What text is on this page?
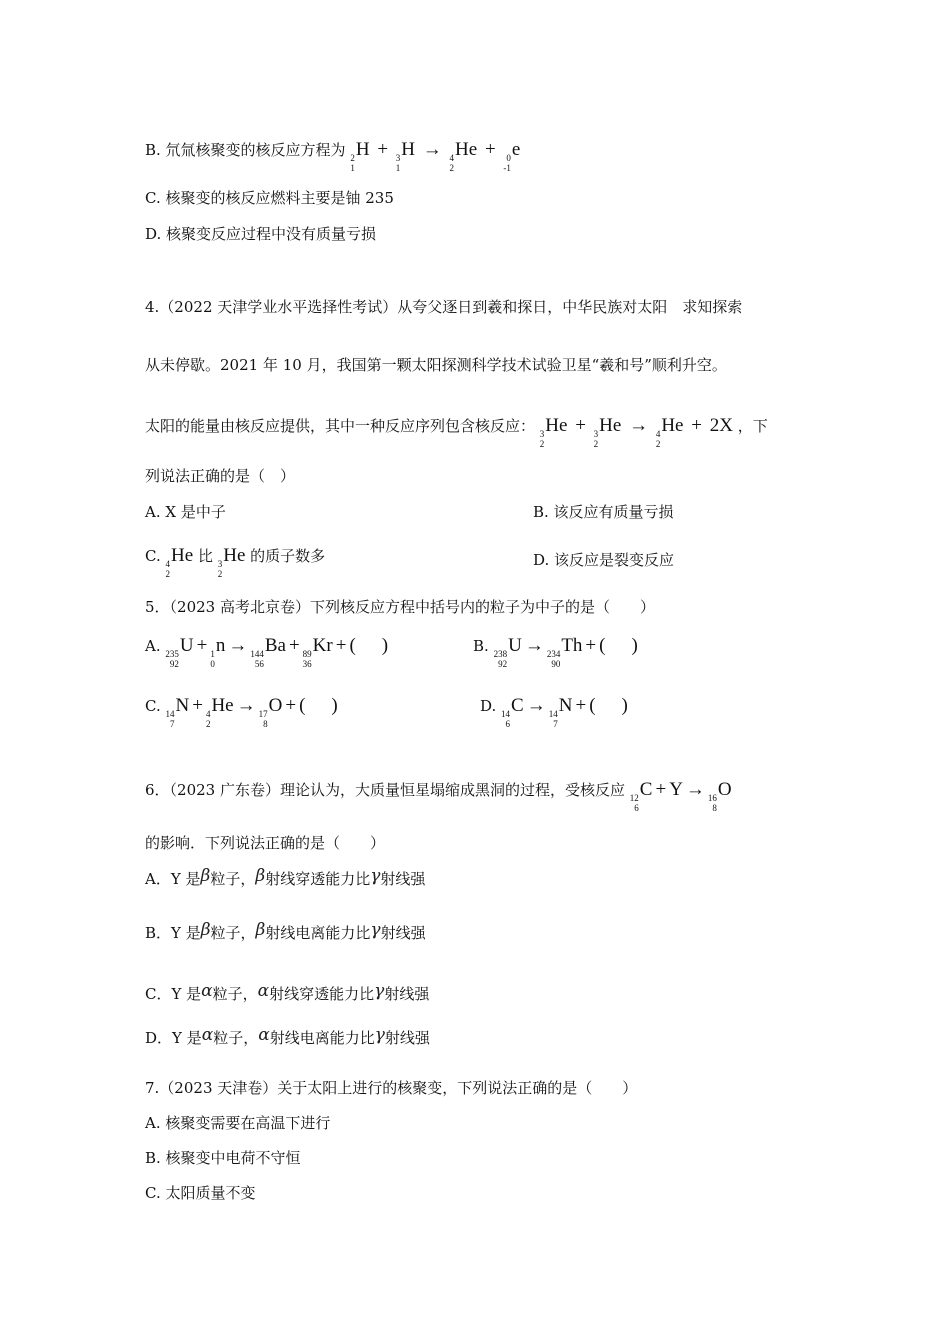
B. 氘氚核聚变的核反应方程为 2
1
H + 3
1
H → 4
2
He + 0
-1
e
C. 核聚变的核反应燃料主要是铀 235
D. 核聚变反应过程中没有质量亏损
4.（2022 天津学业水平选择性考试）从夸父逐日到羲和探日，中华民族对太阳　求知探索
从未停歇。2021 年 10 月，我国第一颗太阳探测科学技术试验卫星“羲和号”顺利升空。
太阳的能量由核反应提供，其中一种反应序列包含核反应： 3
2
He + 3
2
He → 4
2
He + 2X ，下
列说法正确的是（　）
A. X 是中子	B. 该反应有质量亏损
C. 4
2
He 比 3
2
He 的质子数多	D. 该反应是裂变反应
5．（2023 高考北京卷）下列核反应方程中括号内的粒子为中子的是（　　）
A. 235
92
U + 1
0
n → 144
56
Ba + 89
36
Kr + ( )	B. 238
92
U → 234
90
Th + ( )
C. 14
7
N + 4
2
He → 17
8
O + ( )	D. 14
6
C → 14
7
N + ( )
6．（2023 广东卷）理论认为，大质量恒星塌缩成黑洞的过程，受核反应 12
6
C + Y → 16
8
O
的影响．下列说法正确的是（　　）
A．Y 是β粒子，β射线穿透能力比γ射线强
B．Y 是β粒子，β射线电离能力比γ射线强
C．Y 是α粒子，α射线穿透能力比γ射线强
D．Y 是α粒子，α射线电离能力比γ射线强
7.（2023 天津卷）关于太阳上进行的核聚变，下列说法正确的是（　　）
A. 核聚变需要在高温下进行
B. 核聚变中电荷不守恒
C. 太阳质量不变
